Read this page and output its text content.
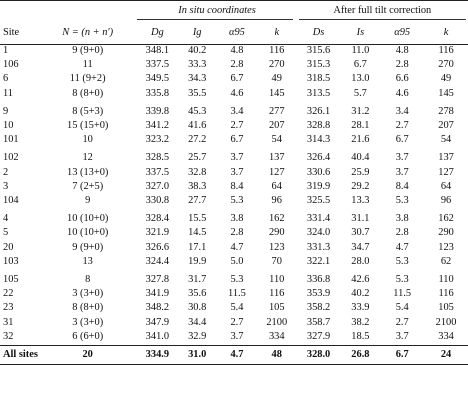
		In situ coordinates				After full tilt correction			
Site	N = (n + n′)	Dg	Ig	α95	k	Ds	Is	α95	k
1	9 (9+0)	348.1	40.2	4.8	116	315.6	11.0	4.8	116
106	11	337.5	33.3	2.8	270	315.3	6.7	2.8	270
6	11 (9+2)	349.5	34.3	6.7	49	318.5	13.0	6.6	49
11	8 (8+0)	335.8	35.5	4.6	145	313.5	5.7	4.6	145
9	8 (5+3)	339.8	45.3	3.4	277	326.1	31.2	3.4	278
10	15 (15+0)	341.2	41.6	2.7	207	328.8	28.1	2.7	207
101	10	323.2	27.2	6.7	54	314.3	21.6	6.7	54
102	12	328.5	25.7	3.7	137	326.4	40.4	3.7	137
2	13 (13+0)	337.5	32.8	3.7	127	330.6	25.9	3.7	127
3	7 (2+5)	327.0	38.3	8.4	64	319.9	29.2	8.4	64
104	9	330.8	27.7	5.3	96	325.5	13.3	5.3	96
4	10 (10+0)	328.4	15.5	3.8	162	331.4	31.1	3.8	162
5	10 (10+0)	321.9	14.5	2.8	290	324.0	30.7	2.8	290
20	9 (9+0)	326.6	17.1	4.7	123	331.3	34.7	4.7	123
103	13	324.4	19.9	5.0	70	322.1	28.0	5.3	62
105	8	327.8	31.7	5.3	110	336.8	42.6	5.3	110
22	3 (3+0)	341.9	35.6	11.5	116	353.9	40.2	11.5	116
23	8 (8+0)	348.2	30.8	5.4	105	358.2	33.9	5.4	105
31	3 (3+0)	347.9	34.4	2.7	2100	358.7	38.2	2.7	2100
32	6 (6+0)	341.0	32.9	3.7	334	327.9	18.5	3.7	334
All sites	20	334.9	31.0	4.7	48	328.0	26.8	6.7	24
